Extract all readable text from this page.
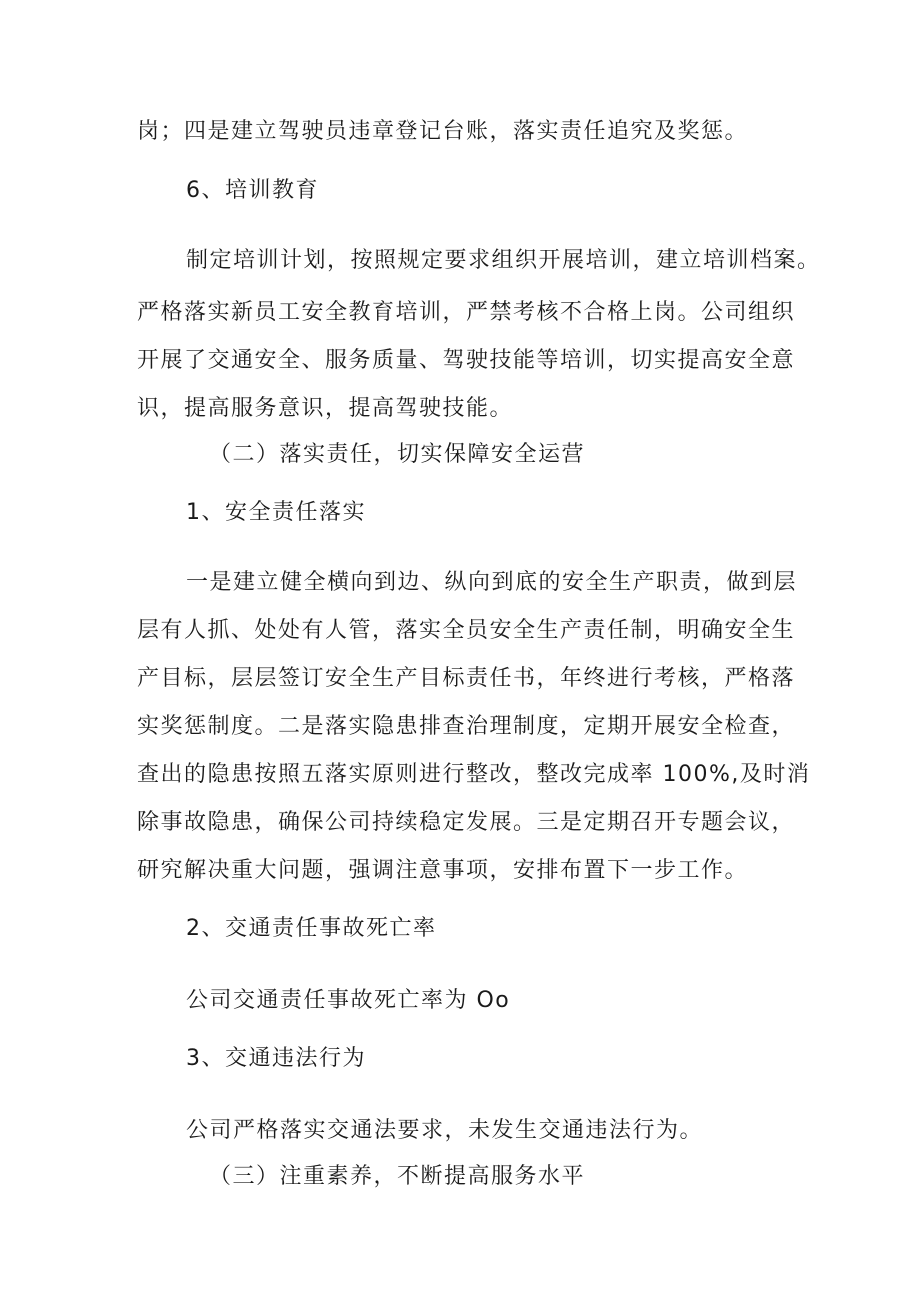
岗；四是建立驾驶员违章登记台账，落实责任追究及奖惩。

6、培训教育

制定培训计划，按照规定要求组织开展培训，建立培训档案。

严格落实新员工安全教育培训，严禁考核不合格上岗。公司组织

开展了交通安全、服务质量、驾驶技能等培训，切实提高安全意

识，提高服务意识，提高驾驶技能。

（二）落实责任，切实保障安全运营

1、安全责任落实

一是建立健全横向到边、纵向到底的安全生产职责，做到层

层有人抓、处处有人管，落实全员安全生产责任制，明确安全生

产目标，层层签订安全生产目标责任书，年终进行考核，严格落

实奖惩制度。二是落实隐患排查治理制度，定期开展安全检查，

查出的隐患按照五落实原则进行整改，整改完成率 100%,及时消

除事故隐患，确保公司持续稳定发展。三是定期召开专题会议，

研究解决重大问题，强调注意事项，安排布置下一步工作。

2、交通责任事故死亡率

公司交通责任事故死亡率为 Oo

3、交通违法行为

公司严格落实交通法要求，未发生交通违法行为。

（三）注重素养，不断提高服务水平
